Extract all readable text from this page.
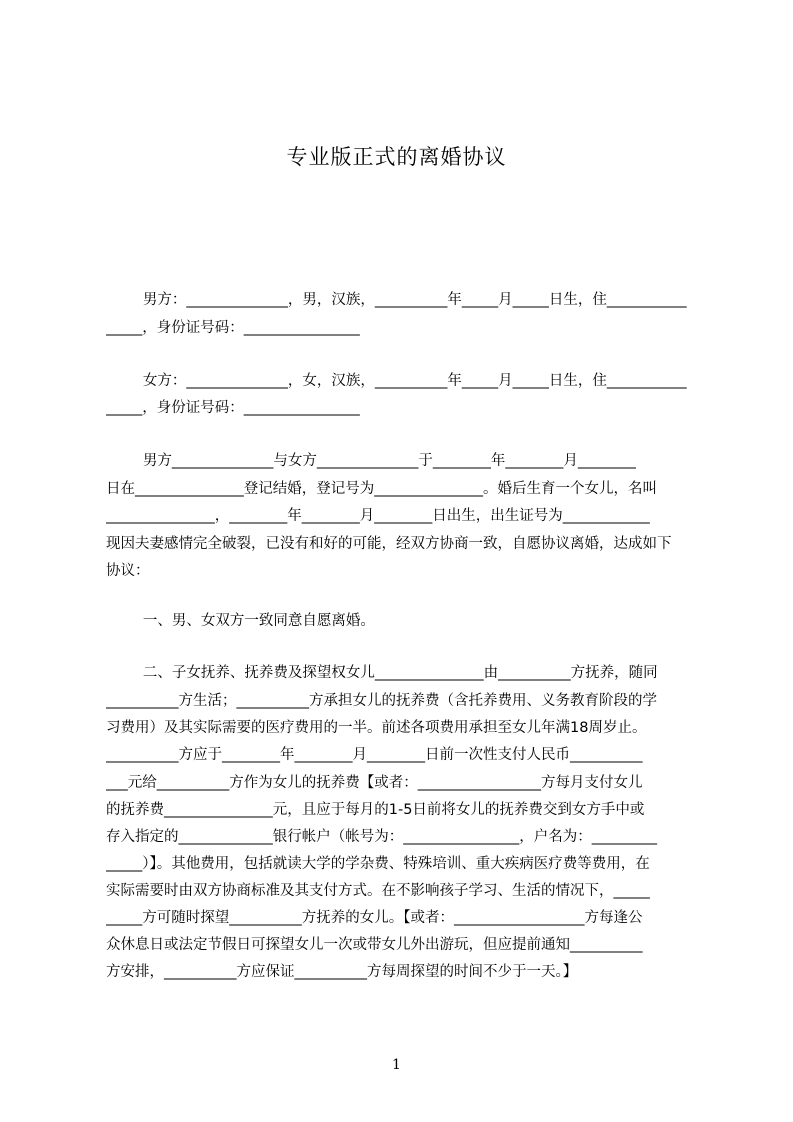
专业版正式的离婚协议
男方：______________，男，汉族，__________年_____月_____日生，住___________
_____，身份证号码：________________
女方：______________，女，汉族，__________年_____月_____日生，住___________
_____，身份证号码：________________
男方______________与女方______________于________年________月________
日在_______________登记结婚，登记号为_______________。婚后生育一个女儿，名叫
_______________，________年________月________日出生，出生证号为____________
现因夫妻感情完全破裂，已没有和好的可能，经双方协商一致，自愿协议离婚，达成如下
协议：
一、男、女双方一致同意自愿离婚。
二、子女抚养、抚养费及探望权女儿_______________由__________方抚养，随同
__________方生活；__________方承担女儿的抚养费（含托养费用、义务教育阶段的学
习费用）及其实际需要的医疗费用的一半。前述各项费用承担至女儿年满18周岁止。
__________方应于________年________月________日前一次性支付人民币__________
___元给__________方作为女儿的抚养费【或者：_________________方每月支付女儿
的抚养费_______________元，且应于每月的1-5日前将女儿的抚养费交到女方手中或
存入指定的_____________银行帐户（帐号为：________________，户名为：_________
_____）】。其他费用，包括就读大学的学杂费、特殊培训、重大疾病医疗费等费用，在
实际需要时由双方协商标准及其支付方式。在不影响孩子学习、生活的情况下，_____
_____方可随时探望__________方抚养的女儿。【或者：__________________方每逢公
众休息日或法定节假日可探望女儿一次或带女儿外出游玩，但应提前通知__________
方安排，__________方应保证__________方每周探望的时间不少于一天。】
1
